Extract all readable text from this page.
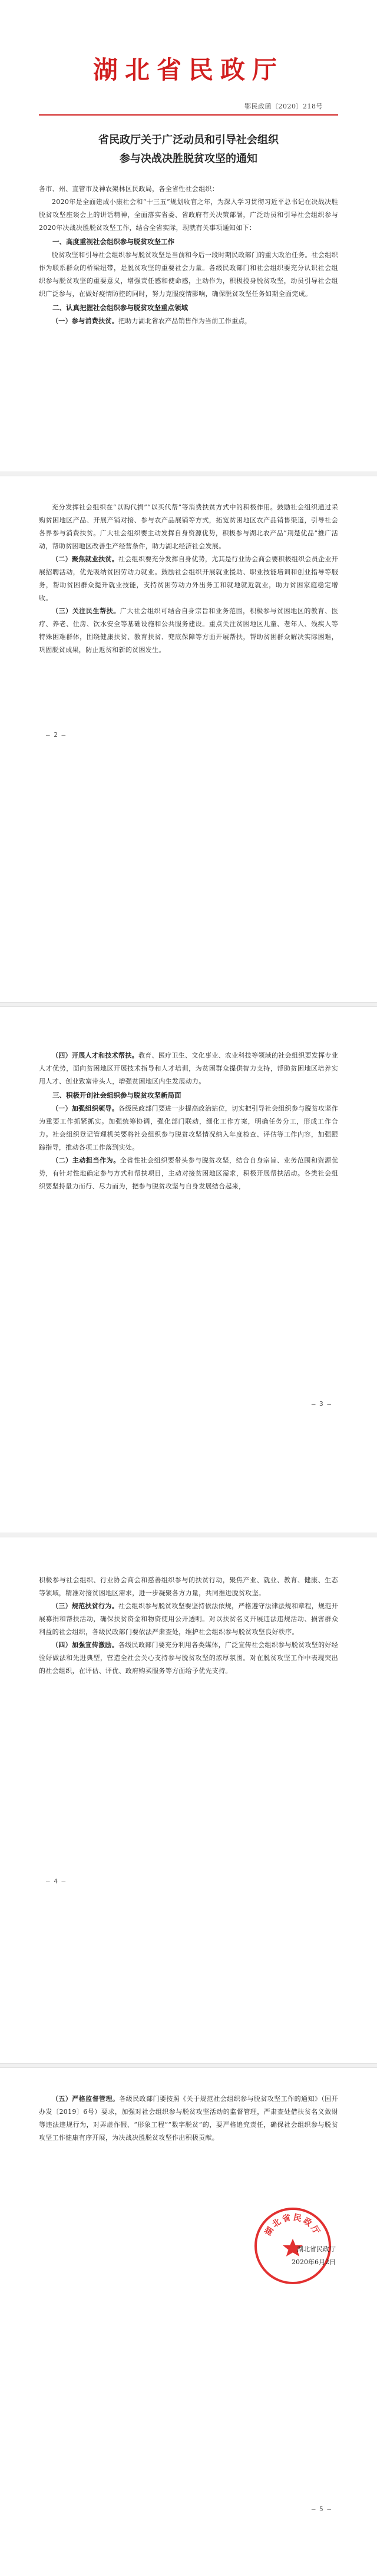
湖北省民政厅
鄂民政函〔2020〕218号
省民政厅关于广泛动员和引导社会组织
参与决战决胜脱贫攻坚的通知

各市、州、直管市及神农架林区民政局，各全省性社会组织：

2020年是全面建成小康社会和“十三五”规划收官之年，为深入学习贯彻习近平总书记在决战决胜脱贫攻坚座谈会上的讲话精神，全面落实省委、省政府有关决策部署，广泛动员和引导社会组织参与2020年决战决胜脱贫攻坚工作，结合全省实际，现就有关事项通知如下：

一、高度重视社会组织参与脱贫攻坚工作

脱贫攻坚和引导社会组织参与脱贫攻坚是当前和今后一段时期民政部门的重大政治任务。社会组织作为联系群众的桥梁纽带，是脱贫攻坚的重要社会力量。各级民政部门和社会组织要充分认识社会组织参与脱贫攻坚的重要意义，增强责任感和使命感，主动作为，积极投身脱贫攻坚，动员引导社会组织广泛参与，在做好疫情防控的同时，努力克服疫情影响，确保脱贫攻坚任务如期全面完成。

二、认真把握社会组织参与脱贫攻坚重点领域

（一）参与消费扶贫。把助力湖北省农产品销售作为当前工作重点，

充分发挥社会组织在“以购代捐”“以买代帮”等消费扶贫方式中的积极作用。鼓励社会组织通过采购贫困地区产品、开展产销对接、参与农产品展销等方式，拓宽贫困地区农产品销售渠道，引导社会各界参与消费扶贫。广大社会组织要主动发挥自身资源优势，积极参与湖北农产品“荆楚优品”推广活动，帮助贫困地区改善生产经营条件，助力湖北经济社会发展。

（二）聚焦就业扶贫。社会组织要充分发挥自身优势，尤其是行业协会商会要积极组织会员企业开展招聘活动，优先吸纳贫困劳动力就业。鼓励社会组织开展就业援助、职业技能培训和创业指导等服务，帮助贫困群众提升就业技能，支持贫困劳动力外出务工和就地就近就业，助力贫困家庭稳定增收。

（三）关注民生帮扶。广大社会组织可结合自身宗旨和业务范围，积极参与贫困地区的教育、医疗、养老、住房、饮水安全等基础设施和公共服务建设。重点关注贫困地区儿童、老年人、残疾人等特殊困难群体，围绕健康扶贫、教育扶贫、兜底保障等方面开展帮扶，帮助贫困群众解决实际困难，巩固脱贫成果，防止返贫和新的贫困发生。

— 2 —

（四）开展人才和技术帮扶。教育、医疗卫生、文化事业、农业科技等领域的社会组织要发挥专业人才优势，面向贫困地区开展技术指导和人才培训，为贫困群众提供智力支持，帮助贫困地区培养实用人才、创业致富带头人，增强贫困地区内生发展动力。

三、积极开创社会组织参与脱贫攻坚新局面

（一）加强组织领导。各级民政部门要进一步提高政治站位，切实把引导社会组织参与脱贫攻坚作为重要工作抓紧抓实。加强统筹协调，强化部门联动，细化工作方案，明确任务分工，形成工作合力。社会组织登记管理机关要将社会组织参与脱贫攻坚情况纳入年度检查、评估等工作内容，加强跟踪指导，推动各项工作落到实处。

（二）主动担当作为。全省性社会组织要带头参与脱贫攻坚，结合自身宗旨、业务范围和资源优势，有针对性地确定参与方式和帮扶项目，主动对接贫困地区需求，积极开展帮扶活动。各类社会组织要坚持量力而行、尽力而为，把参与脱贫攻坚与自身发展结合起来，

— 3 —

积极参与社会组织、行业协会商会和慈善组织参与的扶贫行动，聚焦产业、就业、教育、健康、生态等领域，精准对接贫困地区需求，进一步凝聚各方力量，共同推进脱贫攻坚。

（三）规范扶贫行为。社会组织参与脱贫攻坚要坚持依法依规，严格遵守法律法规和章程，规范开展募捐和帮扶活动，确保扶贫资金和物资使用公开透明。对以扶贫名义开展违法违规活动、损害群众利益的社会组织，各级民政部门要依法严肃查处，维护社会组织参与脱贫攻坚良好秩序。

（四）加强宣传激励。各级民政部门要充分利用各类媒体，广泛宣传社会组织参与脱贫攻坚的好经验好做法和先进典型，营造全社会关心支持参与脱贫攻坚的浓厚氛围。对在脱贫攻坚工作中表现突出的社会组织，在评估、评优、政府购买服务等方面给予优先支持。

— 4 —

（五）严格监督管理。各级民政部门要按照《关于规范社会组织参与脱贫攻坚工作的通知》（国开办发〔2019〕6号）要求，加强对社会组织参与脱贫攻坚活动的监督管理，严肃查处借扶贫名义敛财等违法违规行为，对弄虚作假、“形象工程”“数字脱贫”的，要严格追究责任，确保社会组织参与脱贫攻坚工作健康有序开展，为决战决胜脱贫攻坚作出积极贡献。

湖北省民政厅
湖北省民政厅
2020年6月2日
— 5 —
